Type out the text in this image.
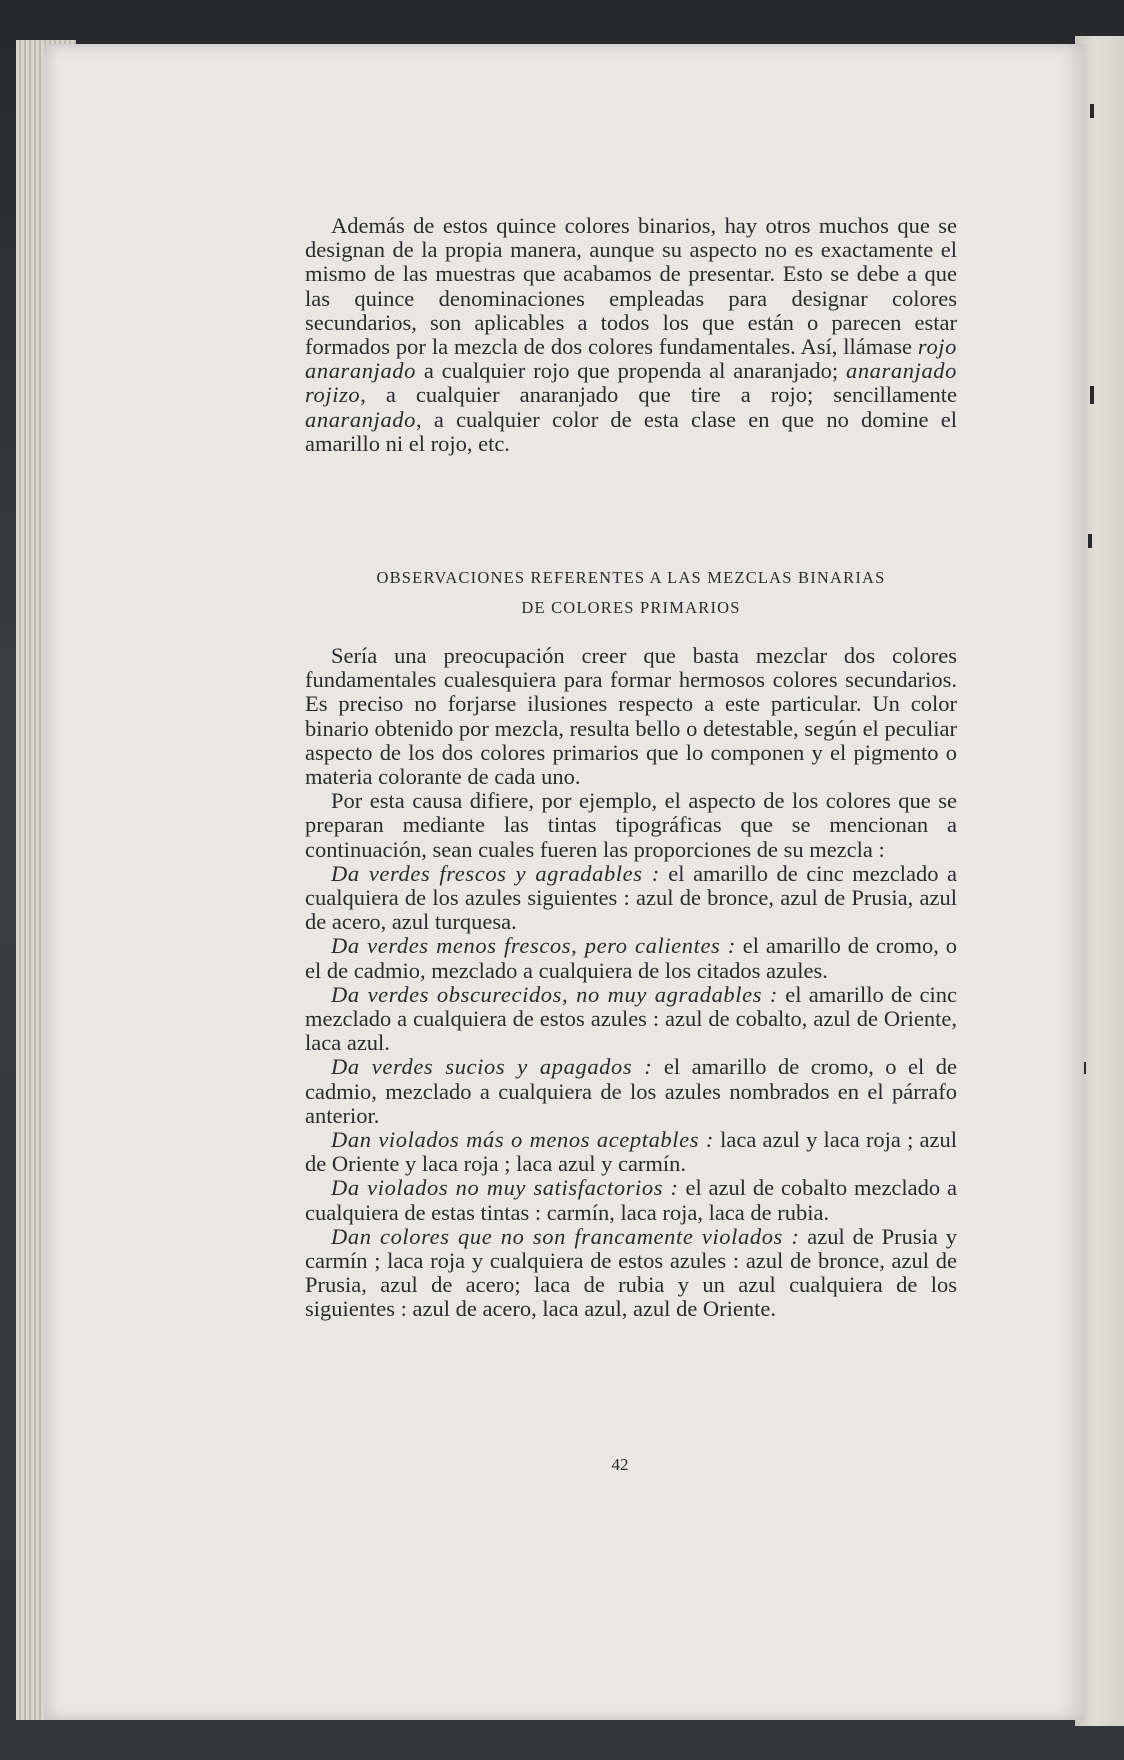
Además de estos quince colores binarios, hay otros muchos que se designan de la propia manera, aunque su aspecto no es exactamente el mismo de las muestras que acabamos de presentar. Esto se debe a que las quince denominaciones empleadas para designar colores secundarios, son aplicables a todos los que están o parecen estar formados por la mezcla de dos colores fundamentales. Así, llámase rojo anaranjado a cualquier rojo que propenda al anaranjado; anaranjado rojizo, a cualquier anaranjado que tire a rojo; sencillamente anaranjado, a cualquier color de esta clase en que no domine el amarillo ni el rojo, etc.

OBSERVACIONES REFERENTES A LAS MEZCLAS BINARIAS
DE COLORES PRIMARIOS

Sería una preocupación creer que basta mezclar dos colores fundamentales cualesquiera para formar hermosos colores secundarios. Es preciso no forjarse ilusiones respecto a este particular. Un color binario obtenido por mezcla, resulta bello o detestable, según el peculiar aspecto de los dos colores primarios que lo componen y el pigmento o materia colorante de cada uno.

Por esta causa difiere, por ejemplo, el aspecto de los colores que se preparan mediante las tintas tipográficas que se mencionan a continuación, sean cuales fueren las proporciones de su mezcla :

Da verdes frescos y agradables : el amarillo de cinc mezclado a cualquiera de los azules siguientes : azul de bronce, azul de Prusia, azul de acero, azul turquesa.

Da verdes menos frescos, pero calientes : el amarillo de cromo, o el de cadmio, mezclado a cualquiera de los citados azules.

Da verdes obscurecidos, no muy agradables : el amarillo de cinc mezclado a cualquiera de estos azules : azul de cobalto, azul de Oriente, laca azul.

Da verdes sucios y apagados : el amarillo de cromo, o el de cadmio, mezclado a cualquiera de los azules nombrados en el párrafo anterior.

Dan violados más o menos aceptables : laca azul y laca roja ; azul de Oriente y laca roja ; laca azul y carmín.

Da violados no muy satisfactorios : el azul de cobalto mezclado a cualquiera de estas tintas : carmín, laca roja, laca de rubia.

Dan colores que no son francamente violados : azul de Prusia y carmín ; laca roja y cualquiera de estos azules : azul de bronce, azul de Prusia, azul de acero; laca de rubia y un azul cualquiera de los siguientes : azul de acero, laca azul, azul de Oriente.

42
